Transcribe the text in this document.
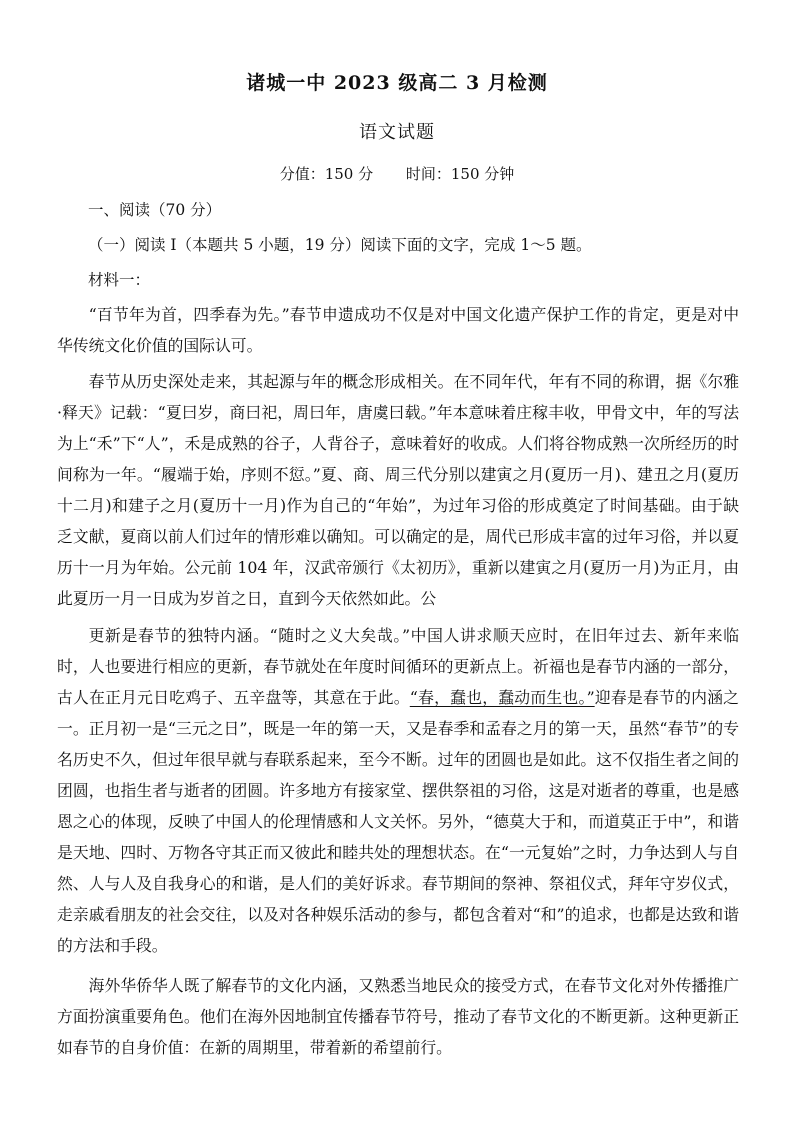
诸城一中 2023 级高二 3 月检测
语文试题
分值：150 分 时间：150 分钟
一、阅读（70 分）
（一）阅读 I（本题共 5 小题，19 分）阅读下面的文字，完成 1～5 题。
材料一：
“百节年为首，四季春为先。”春节申遗成功不仅是对中国文化遗产保护工作的肯定，更是对中华传统文化价值的国际认可。
春节从历史深处走来，其起源与年的概念形成相关。在不同年代，年有不同的称谓，据《尔雅·释天》记载：“夏曰岁，商曰祀，周曰年，唐虞曰载。”年本意味着庄稼丰收，甲骨文中，年的写法为上“禾”下“人”，禾是成熟的谷子，人背谷子，意味着好的收成。人们将谷物成熟一次所经历的时间称为一年。“履端于始，序则不愆。”夏、商、周三代分别以建寅之月(夏历一月)、建丑之月(夏历十二月)和建子之月(夏历十一月)作为自己的“年始”，为过年习俗的形成奠定了时间基础。由于缺乏文献，夏商以前人们过年的情形难以确知。可以确定的是，周代已形成丰富的过年习俗，并以夏历十一月为年始。公元前 104 年，汉武帝颁行《太初历》，重新以建寅之月(夏历一月)为正月，由此夏历一月一日成为岁首之日，直到今天依然如此。公
更新是春节的独特内涵。“随时之义大矣哉。”中国人讲求顺天应时，在旧年过去、新年来临时，人也要进行相应的更新，春节就处在年度时间循环的更新点上。祈福也是春节内涵的一部分，古人在正月元日吃鸡子、五辛盘等，其意在于此。“春，蠢也，蠢动而生也。”迎春是春节的内涵之一。正月初一是“三元之日”，既是一年的第一天，又是春季和孟春之月的第一天，虽然“春节”的专名历史不久，但过年很早就与春联系起来，至今不断。过年的团圆也是如此。这不仅指生者之间的团圆，也指生者与逝者的团圆。许多地方有接家堂、摆供祭祖的习俗，这是对逝者的尊重，也是感恩之心的体现，反映了中国人的伦理情感和人文关怀。另外，“德莫大于和，而道莫正于中”，和谐是天地、四时、万物各守其正而又彼此和睦共处的理想状态。在“一元复始”之时，力争达到人与自然、人与人及自我身心的和谐，是人们的美好诉求。春节期间的祭神、祭祖仪式，拜年守岁仪式，走亲戚看朋友的社会交往，以及对各种娱乐活动的参与，都包含着对“和”的追求，也都是达致和谐的方法和手段。
海外华侨华人既了解春节的文化内涵，又熟悉当地民众的接受方式，在春节文化对外传播推广方面扮演重要角色。他们在海外因地制宜传播春节符号，推动了春节文化的不断更新。这种更新正如春节的自身价值：在新的周期里，带着新的希望前行。
